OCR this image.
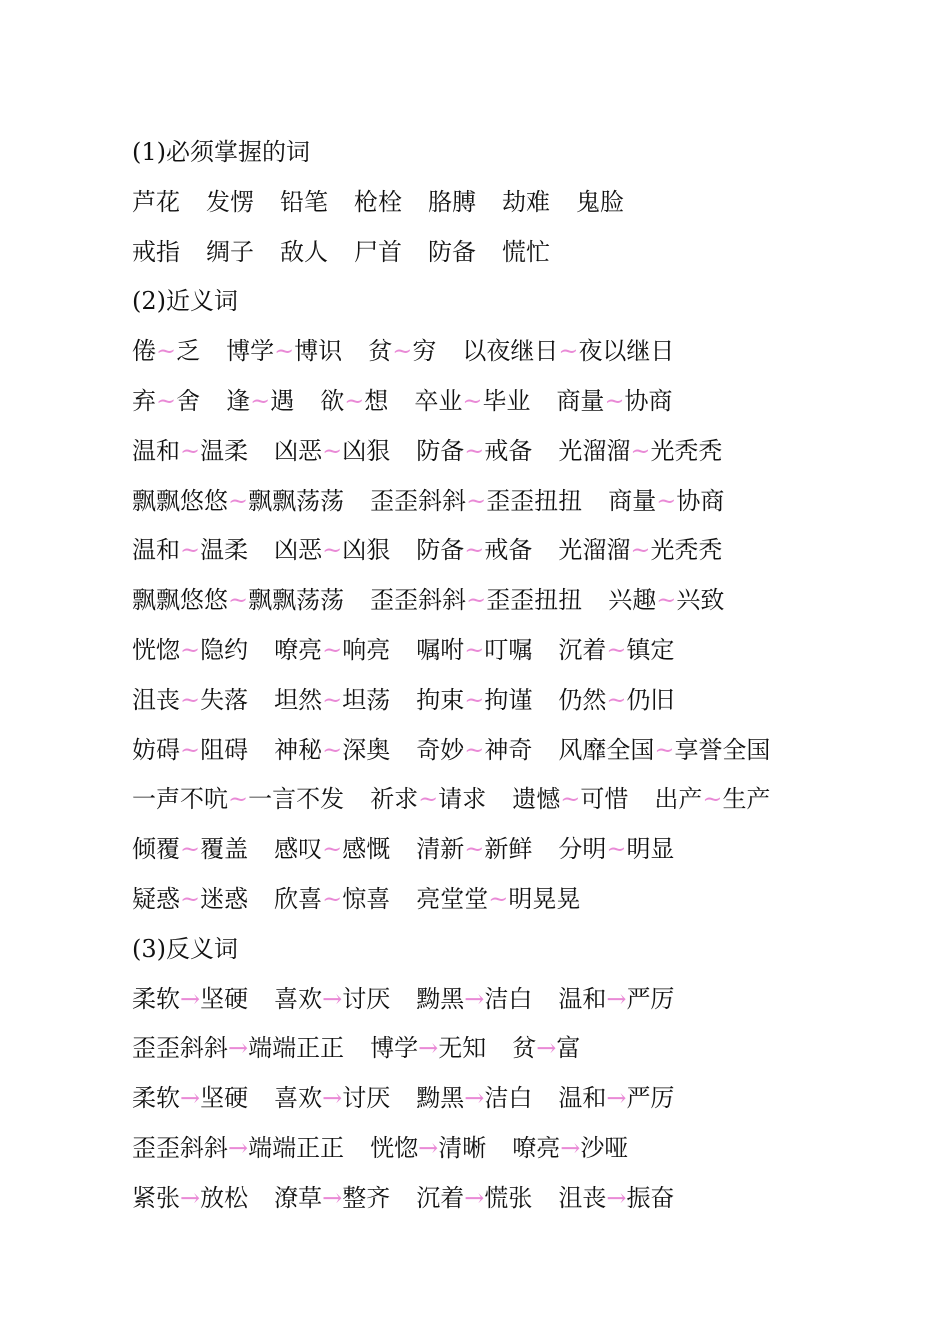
(1)必须掌握的词
芦花 发愣 铅笔 枪栓 胳膊 劫难 鬼脸
戒指 绸子 敌人 尸首 防备 慌忙
(2)近义词
倦~乏 博学~博识 贫~穷 以夜继日~夜以继日
弃~舍 逢~遇 欲~想 卒业~毕业 商量~协商
温和~温柔 凶恶~凶狠 防备~戒备 光溜溜~光秃秃
飘飘悠悠~飘飘荡荡 歪歪斜斜~歪歪扭扭 商量~协商
温和~温柔 凶恶~凶狠 防备~戒备 光溜溜~光秃秃
飘飘悠悠~飘飘荡荡 歪歪斜斜~歪歪扭扭 兴趣~兴致
恍惚~隐约 嘹亮~响亮 嘱咐~叮嘱 沉着~镇定
沮丧~失落 坦然~坦荡 拘束~拘谨 仍然~仍旧
妨碍~阻碍 神秘~深奥 奇妙~神奇 风靡全国~享誉全国
一声不吭~一言不发 祈求~请求 遗憾~可惜 出产~生产
倾覆~覆盖 感叹~感慨 清新~新鲜 分明~明显
疑惑~迷惑 欣喜~惊喜 亮堂堂~明晃晃
(3)反义词
柔软→坚硬 喜欢→讨厌 黝黑→洁白 温和→严厉
歪歪斜斜→端端正正 博学→无知 贫→富
柔软→坚硬 喜欢→讨厌 黝黑→洁白 温和→严厉
歪歪斜斜→端端正正 恍惚→清晰 嘹亮→沙哑
紧张→放松 潦草→整齐 沉着→慌张 沮丧→振奋
